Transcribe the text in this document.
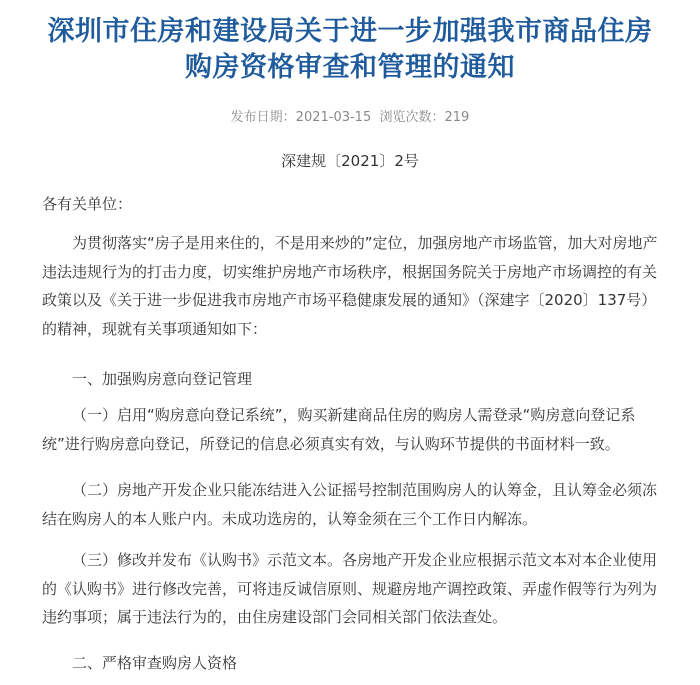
深圳市住房和建设局关于进一步加强我市商品住房
购房资格审查和管理的通知
发布日期：2021-03-15 浏览次数：219
深建规〔2021〕2号
各有关单位：
为贯彻落实“房子是用来住的，不是用来炒的”定位，加强房地产市场监管，加大对房地产违法违规行为的打击力度，切实维护房地产市场秩序，根据国务院关于房地产市场调控的有关政策以及《关于进一步促进我市房地产市场平稳健康发展的通知》（深建字〔2020〕137号）的精神，现就有关事项通知如下：
一、加强购房意向登记管理
（一）启用“购房意向登记系统”，购买新建商品住房的购房人需登录“购房意向登记系统”进行购房意向登记，所登记的信息必须真实有效，与认购环节提供的书面材料一致。
（二）房地产开发企业只能冻结进入公证摇号控制范围购房人的认筹金，且认筹金必须冻结在购房人的本人账户内。未成功选房的，认筹金须在三个工作日内解冻。
（三）修改并发布《认购书》示范文本。各房地产开发企业应根据示范文本对本企业使用的《认购书》进行修改完善，可将违反诚信原则、规避房地产调控政策、弄虚作假等行为列为违约事项；属于违法行为的，由住房建设部门会同相关部门依法查处。
二、严格审查购房人资格
